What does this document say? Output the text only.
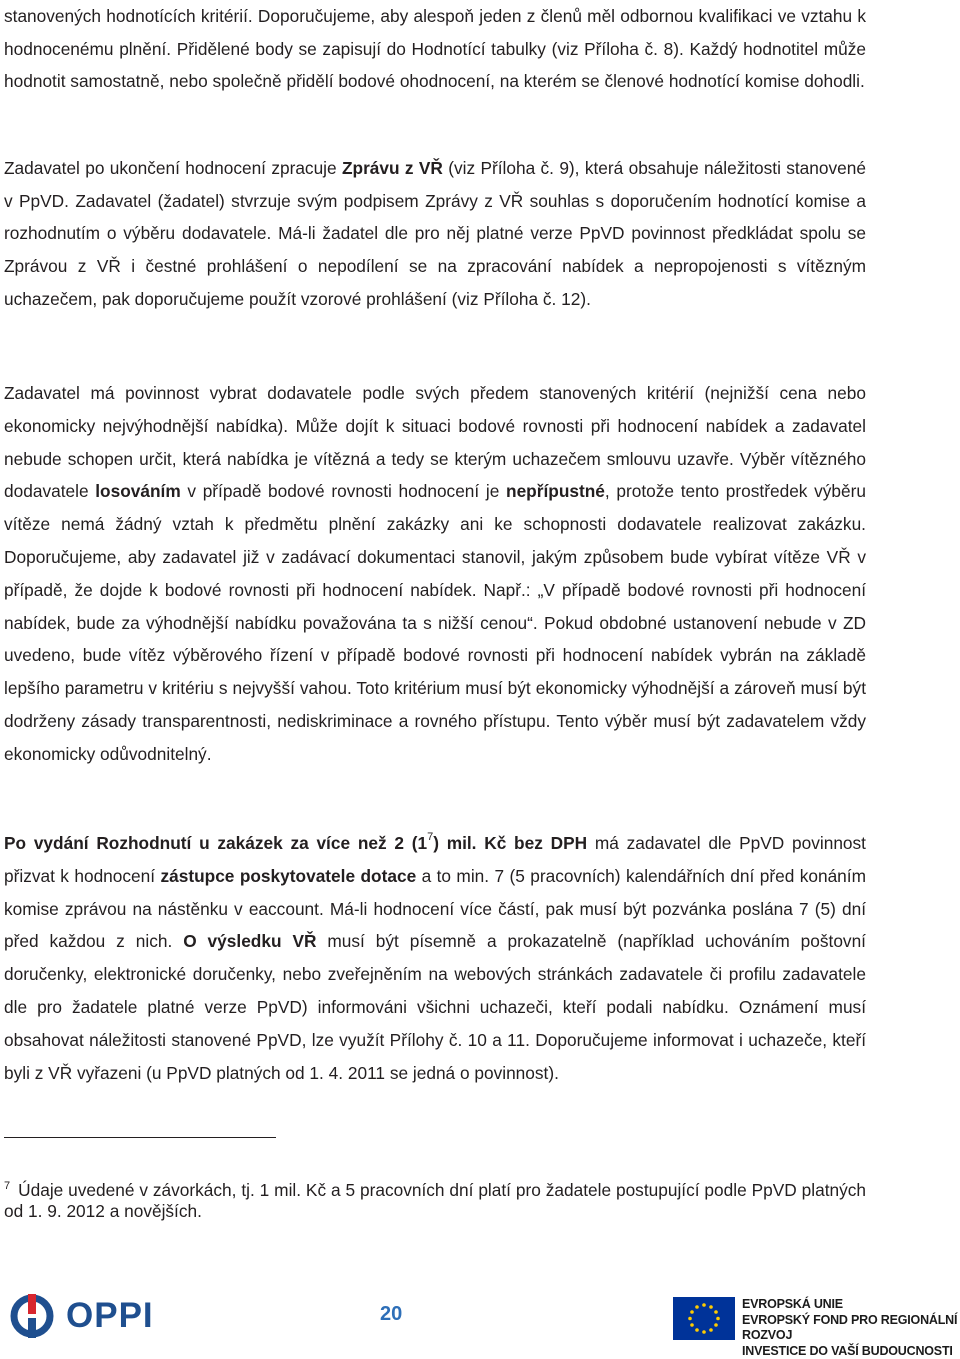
stanovených hodnotících kritérií. Doporučujeme, aby alespoň jeden z členů měl odbornou kvalifikaci ve vztahu k hodnocenému plnění. Přidělené body se zapisují do Hodnotící tabulky (viz Příloha č. 8). Každý hodnotitel může hodnotit samostatně, nebo společně přidělí bodové ohodnocení, na kterém se členové hodnotící komise dohodli.

Zadavatel po ukončení hodnocení zpracuje Zprávu z VŘ (viz Příloha č. 9), která obsahuje náležitosti stanovené v PpVD. Zadavatel (žadatel) stvrzuje svým podpisem Zprávy z VŘ souhlas s doporučením hodnotící komise a rozhodnutím o výběru dodavatele. Má-li žadatel dle pro něj platné verze PpVD povinnost předkládat spolu se Zprávou z VŘ i čestné prohlášení o nepodílení se na zpracování nabídek a nepropojenosti s vítězným uchazečem, pak doporučujeme použít vzorové prohlášení (viz Příloha č. 12).

Zadavatel má povinnost vybrat dodavatele podle svých předem stanovených kritérií (nejnižší cena nebo ekonomicky nejvýhodnější nabídka). Může dojít k situaci bodové rovnosti při hodnocení nabídek a zadavatel nebude schopen určit, která nabídka je vítězná a tedy se kterým uchazečem smlouvu uzavře. Výběr vítězného dodavatele losováním v případě bodové rovnosti hodnocení je nepřípustné, protože tento prostředek výběru vítěze nemá žádný vztah k předmětu plnění zakázky ani ke schopnosti dodavatele realizovat zakázku. Doporučujeme, aby zadavatel již v zadávací dokumentaci stanovil, jakým způsobem bude vybírat vítěze VŘ v případě, že dojde k bodové rovnosti při hodnocení nabídek. Např.: „V případě bodové rovnosti při hodnocení nabídek, bude za výhodnější nabídku považována ta s nižší cenou“. Pokud obdobné ustanovení nebude v ZD uvedeno, bude vítěz výběrového řízení v případě bodové rovnosti při hodnocení nabídek vybrán na základě lepšího parametru v kritériu s nejvyšší vahou. Toto kritérium musí být ekonomicky výhodnější a zároveň musí být dodrženy zásady transparentnosti, nediskriminace a rovného přístupu. Tento výběr musí být zadavatelem vždy ekonomicky odůvodnitelný.

Po vydání Rozhodnutí u zakázek za více než 2 $(1^7)$ mil. Kč bez DPH má zadavatel dle PpVD povinnost přizvat k hodnocení zástupce poskytovatele dotace a to min. 7 (5 pracovních) kalendářních dní před konáním komise zprávou na nástěnku v eaccount. Má-li hodnocení více částí, pak musí být pozvánka poslána 7 (5) dní před každou z nich. O výsledku VŘ musí být písemně a prokazatelně (například uchováním poštovní doručenky, elektronické doručenky, nebo zveřejněním na webových stránkách zadavatele či profilu zadavatele dle pro žadatele platné verze PpVD) informováni všichni uchazeči, kteří podali nabídku. Oznámení musí obsahovat náležitosti stanovené PpVD, lze využít Přílohy č. 10 a 11. Doporučujeme informovat i uchazeče, kteří byli z VŘ vyřazeni (u PpVD platných od 1. 4. 2011 se jedná o povinnost).

$^7$ Údaje uvedené v závorkách, tj. 1 mil. Kč a 5 pracovních dní platí pro žadatele postupující podle PpVD platných od 1. 9. 2012 a novějších.

OPPI	20	EVROPSKÁ UNIE
EVROPSKÝ FOND PRO REGIONÁLNÍ ROZVOJ
INVESTICE DO VAŠÍ BUDOUCNOSTI
